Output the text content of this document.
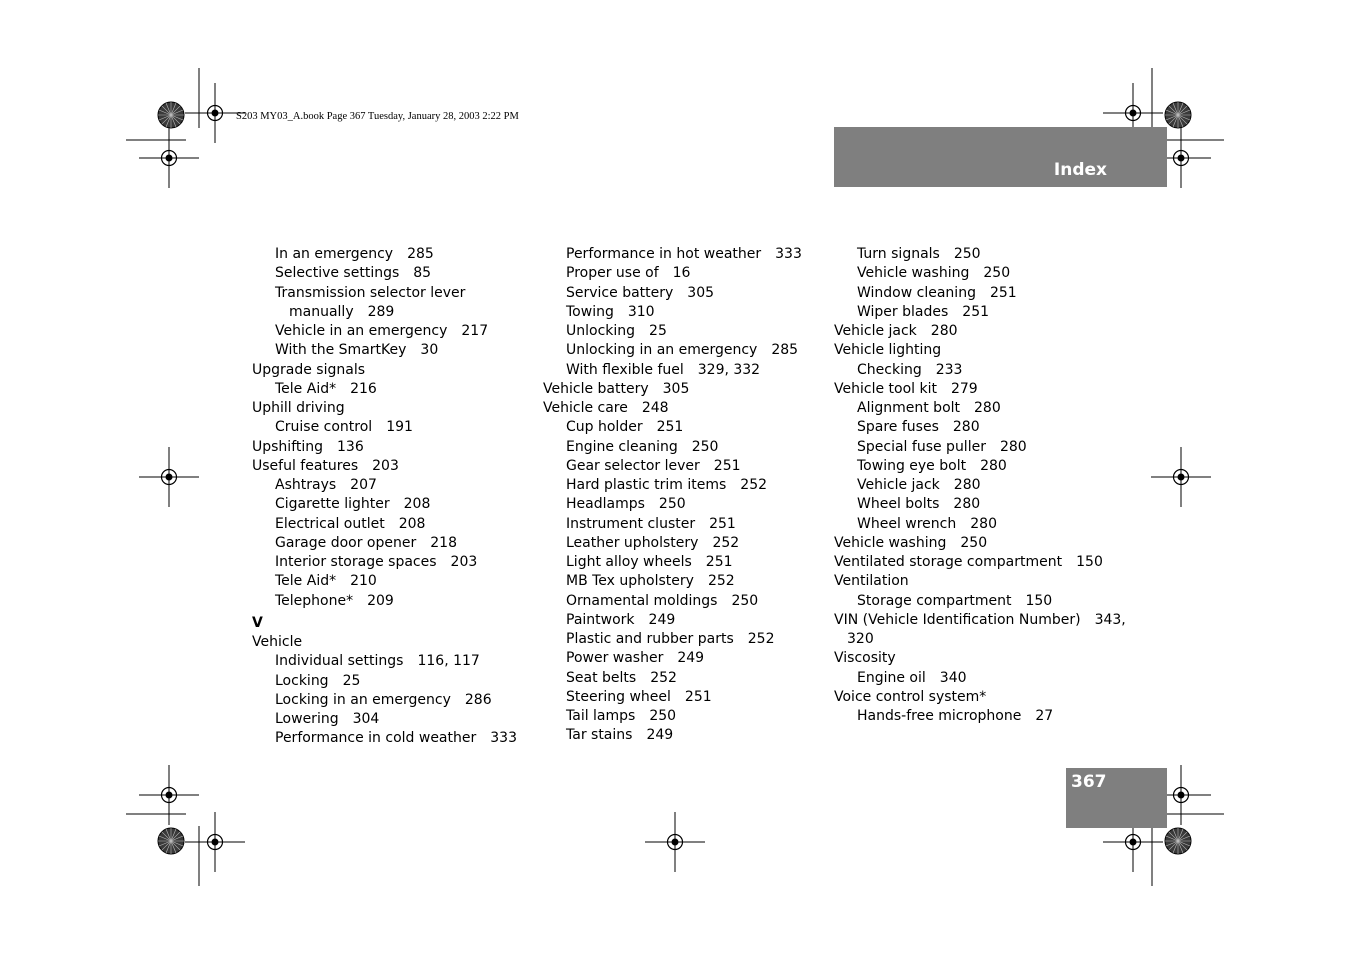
S203 MY03_A.book Page 367 Tuesday, January 28, 2003 2:22 PM
Index
367
In an emergency 285
Selective settings 85
Transmission selector lever
manually 289
Vehicle in an emergency 217
With the SmartKey 30
Upgrade signals
Tele Aid* 216
Uphill driving
Cruise control 191
Upshifting 136
Useful features 203
Ashtrays 207
Cigarette lighter 208
Electrical outlet 208
Garage door opener 218
Interior storage spaces 203
Tele Aid* 210
Telephone* 209
V
Vehicle
Individual settings 116, 117
Locking 25
Locking in an emergency 286
Lowering 304
Performance in cold weather 333
Performance in hot weather 333
Proper use of 16
Service battery 305
Towing 310
Unlocking 25
Unlocking in an emergency 285
With flexible fuel 329, 332
Vehicle battery 305
Vehicle care 248
Cup holder 251
Engine cleaning 250
Gear selector lever 251
Hard plastic trim items 252
Headlamps 250
Instrument cluster 251
Leather upholstery 252
Light alloy wheels 251
MB Tex upholstery 252
Ornamental moldings 250
Paintwork 249
Plastic and rubber parts 252
Power washer 249
Seat belts 252
Steering wheel 251
Tail lamps 250
Tar stains 249
Turn signals 250
Vehicle washing 250
Window cleaning 251
Wiper blades 251
Vehicle jack 280
Vehicle lighting
Checking 233
Vehicle tool kit 279
Alignment bolt 280
Spare fuses 280
Special fuse puller 280
Towing eye bolt 280
Vehicle jack 280
Wheel bolts 280
Wheel wrench 280
Vehicle washing 250
Ventilated storage compartment 150
Ventilation
Storage compartment 150
VIN (Vehicle Identification Number) 343,
320
Viscosity
Engine oil 340
Voice control system*
Hands-free microphone 27
